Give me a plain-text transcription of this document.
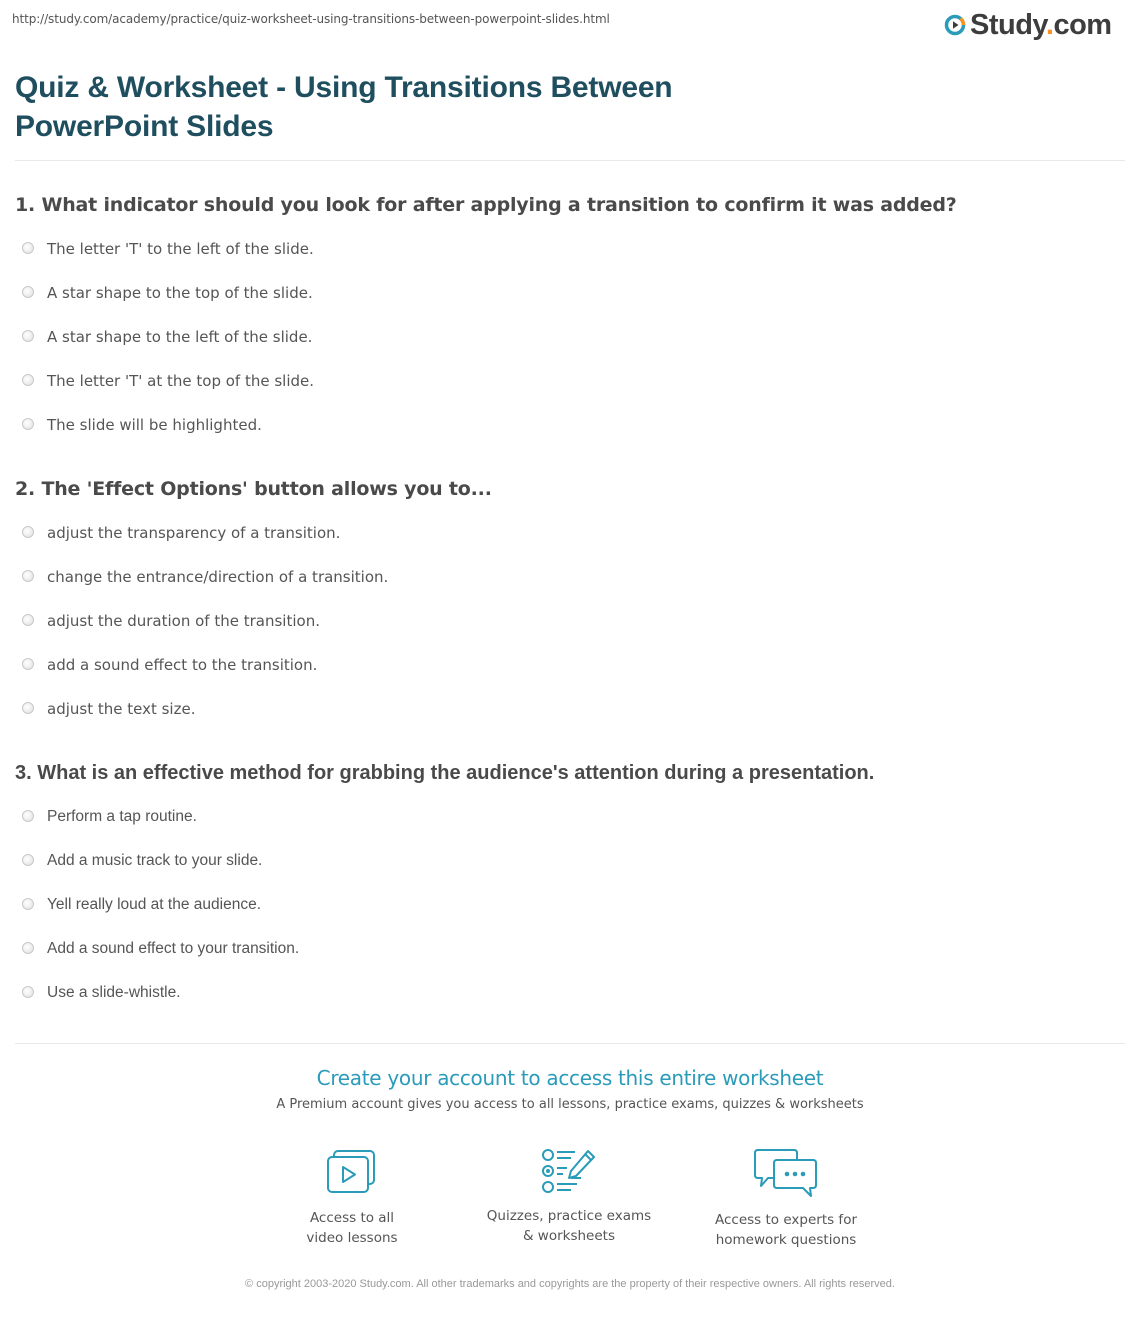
http://study.com/academy/practice/quiz-worksheet-using-transitions-between-powerpoint-slides.html	Study.com
Quiz & Worksheet - Using Transitions Between PowerPoint Slides
1. What indicator should you look for after applying a transition to confirm it was added?
The letter 'T' to the left of the slide.
A star shape to the top of the slide.
A star shape to the left of the slide.
The letter 'T' at the top of the slide.
The slide will be highlighted.
2. The 'Effect Options' button allows you to...
adjust the transparency of a transition.
change the entrance/direction of a transition.
adjust the duration of the transition.
add a sound effect to the transition.
adjust the text size.
3. What is an effective method for grabbing the audience's attention during a presentation.
Perform a tap routine.
Add a music track to your slide.
Yell really loud at the audience.
Add a sound effect to your transition.
Use a slide-whistle.
Create your account to access this entire worksheet
A Premium account gives you access to all lessons, practice exams, quizzes & worksheets
Access to all
video lessons
Quizzes, practice exams
& worksheets
Access to experts for
homework questions
© copyright 2003-2020 Study.com. All other trademarks and copyrights are the property of their respective owners. All rights reserved.
